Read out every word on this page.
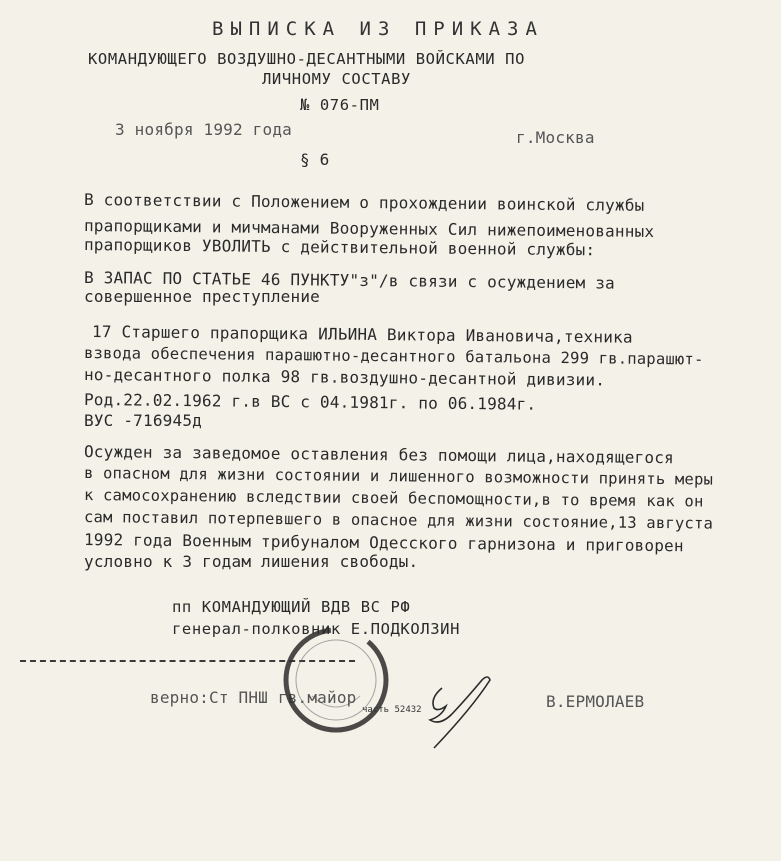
ВЫПИСКА ИЗ ПРИКАЗА
КОМАНДУЮЩЕГО ВОЗДУШНО-ДЕСАНТНЫМИ ВОЙСКАМИ ПО
ЛИЧНОМУ СОСТАВУ
№ 076-ПМ
3 ноября 1992 года	г.Москва
§ 6
В соответствии с Положением о прохождении воинской службы
прапорщиками и мичманами Вооруженных Сил нижепоименованных
прапорщиков УВОЛИТЬ с действительной военной службы:
В ЗАПАС ПО СТАТЬЕ 46 ПУНКТУ"з"/в связи с осуждением за
совершенное преступление
17 Старшего прапорщика ИЛЬИНА Виктора Ивановича,техника
взвода обеспечения парашютно-десантного батальона 299 гв.парашют-
но-десантного полка 98 гв.воздушно-десантной дивизии.
Род.22.02.1962 г.в ВС с 04.1981г. по 06.1984г.
ВУС -716945д
Осужден за заведомое оставления без помощи лица,находящегося
в опасном для жизни состоянии и лишенного возможности принять меры
к самосохранению вследствии своей беспомощности,в то время как он
сам поставил потерпевшего в опасное для жизни состояние,13 августа
1992 года Военным трибуналом Одесского гарнизона и приговорен
условно к 3 годам лишения свободы.
пп КОМАНДУЮЩИЙ ВДВ ВС РФ
генерал-полковник Е.ПОДКОЛЗИН
верно:Ст ПНШ гв.майор	В.ЕРМОЛАЕВ
часть 52432
